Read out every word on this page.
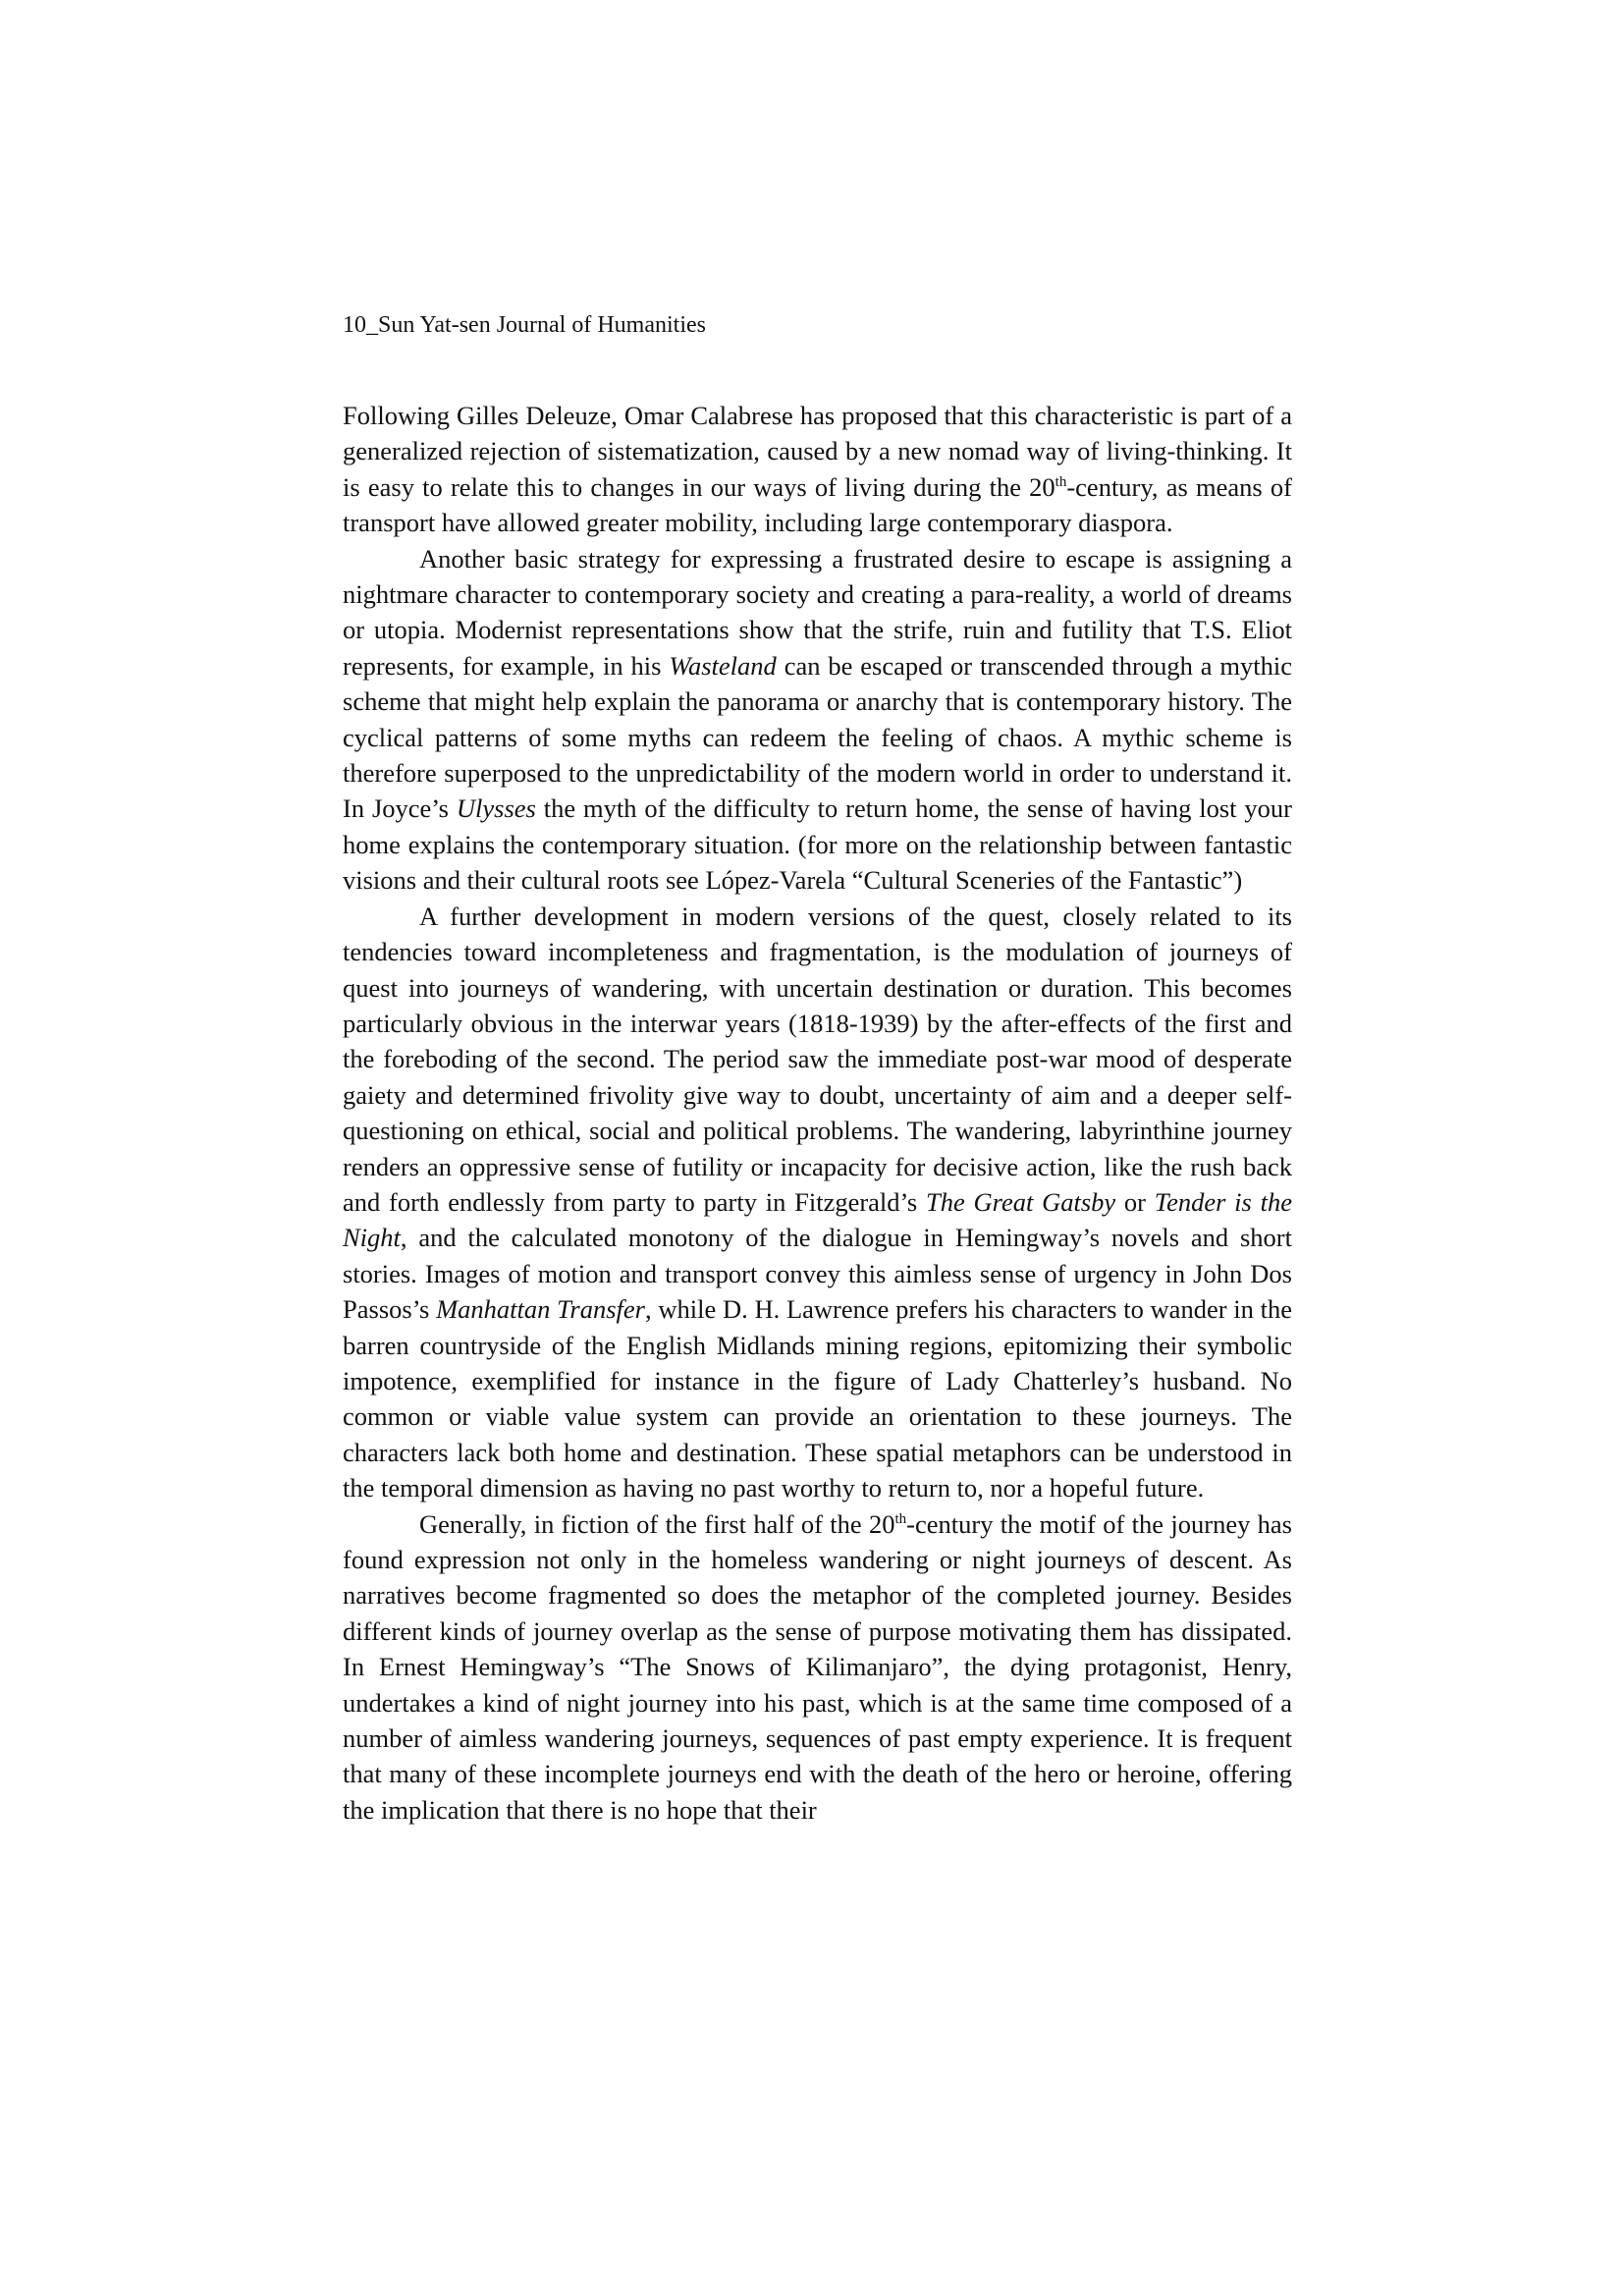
10_Sun Yat-sen Journal of Humanities

Following Gilles Deleuze, Omar Calabrese has proposed that this characteristic is part of a generalized rejection of sistematization, caused by a new nomad way of living-thinking. It is easy to relate this to changes in our ways of living during the 20th-century, as means of transport have allowed greater mobility, including large contemporary diaspora.

Another basic strategy for expressing a frustrated desire to escape is assigning a nightmare character to contemporary society and creating a para-reality, a world of dreams or utopia. Modernist representations show that the strife, ruin and futility that T.S. Eliot represents, for example, in his Wasteland can be escaped or transcended through a mythic scheme that might help explain the panorama or anarchy that is contemporary history. The cyclical patterns of some myths can redeem the feeling of chaos. A mythic scheme is therefore superposed to the unpredictability of the modern world in order to understand it. In Joyce’s Ulysses the myth of the difficulty to return home, the sense of having lost your home explains the contemporary situation. (for more on the relationship between fantastic visions and their cultural roots see López-Varela “Cultural Sceneries of the Fantastic”)

A further development in modern versions of the quest, closely related to its tendencies toward incompleteness and fragmentation, is the modulation of journeys of quest into journeys of wandering, with uncertain destination or duration. This becomes particularly obvious in the interwar years (1818-1939) by the after-effects of the first and the foreboding of the second. The period saw the immediate post-war mood of desperate gaiety and determined frivolity give way to doubt, uncertainty of aim and a deeper self-questioning on ethical, social and political problems. The wandering, labyrinthine journey renders an oppressive sense of futility or incapacity for decisive action, like the rush back and forth endlessly from party to party in Fitzgerald’s The Great Gatsby or Tender is the Night, and the calculated monotony of the dialogue in Hemingway’s novels and short stories. Images of motion and transport convey this aimless sense of urgency in John Dos Passos’s Manhattan Transfer, while D. H. Lawrence prefers his characters to wander in the barren countryside of the English Midlands mining regions, epitomizing their symbolic impotence, exemplified for instance in the figure of Lady Chatterley’s husband. No common or viable value system can provide an orientation to these journeys. The characters lack both home and destination. These spatial metaphors can be understood in the temporal dimension as having no past worthy to return to, nor a hopeful future.

Generally, in fiction of the first half of the 20th-century the motif of the journey has found expression not only in the homeless wandering or night journeys of descent. As narratives become fragmented so does the metaphor of the completed journey. Besides different kinds of journey overlap as the sense of purpose motivating them has dissipated. In Ernest Hemingway’s “The Snows of Kilimanjaro”, the dying protagonist, Henry, undertakes a kind of night journey into his past, which is at the same time composed of a number of aimless wandering journeys, sequences of past empty experience. It is frequent that many of these incomplete journeys end with the death of the hero or heroine, offering the implication that there is no hope that their
